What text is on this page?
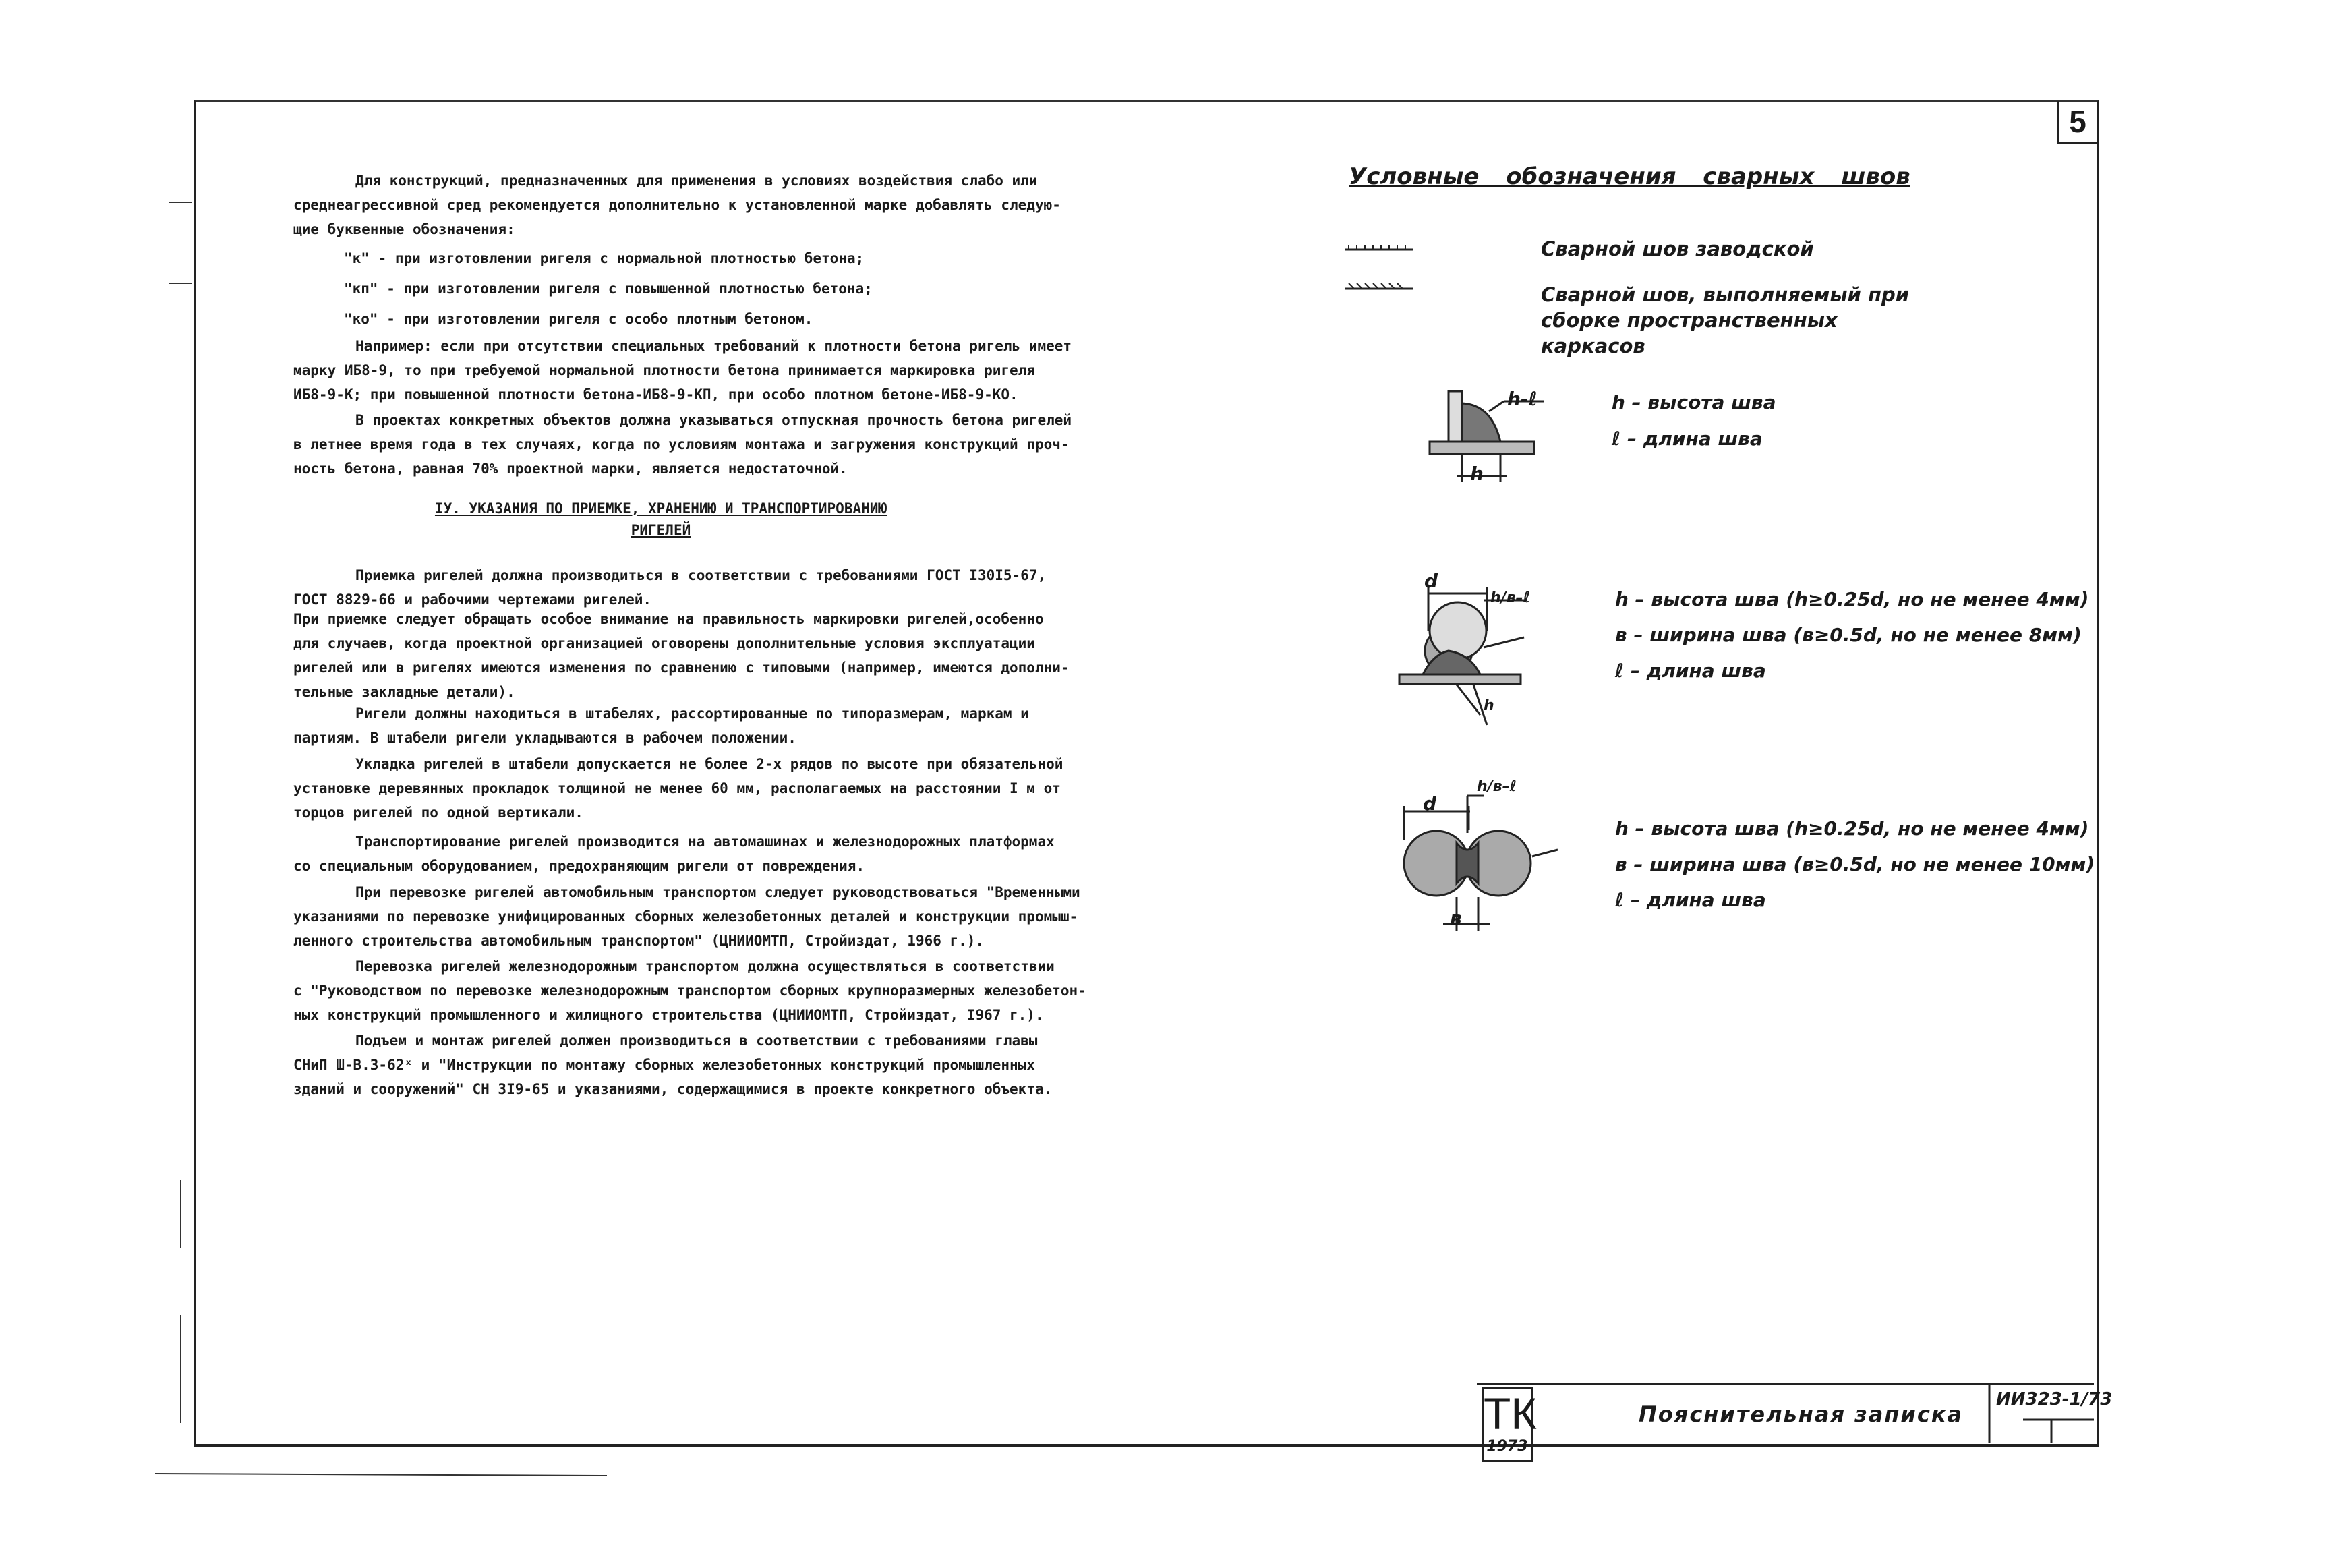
5
Для конструкций, предназначенных для применения в условиях воздействия слабо или
среднеагрессивной сред рекомендуется дополнительно к установленной марке добавлять следую-
щие буквенные обозначения:
"к" - при изготовлении ригеля с нормальной плотностью бетона;
"кп" - при изготовлении ригеля с повышенной плотностью бетона;
"ко" - при изготовлении ригеля с особо плотным бетоном.
Например: если при отсутствии специальных требований к плотности бетона ригель имеет
марку ИБ8-9, то при требуемой нормальной плотности бетона принимается маркировка ригеля
ИБ8-9-К; при повышенной плотности бетона-ИБ8-9-КП, при особо плотном бетоне-ИБ8-9-КО.
В проектах конкретных объектов должна указываться отпускная прочность бетона ригелей
в летнее время года в тех случаях, когда по условиям монтажа и загружения конструкций проч-
ность бетона, равная 70% проектной марки, является недостаточной.
IУ. УКАЗАНИЯ ПО ПРИЕМКЕ, ХРАНЕНИЮ И ТРАНСПОРТИРОВАНИЮ
РИГЕЛЕЙ
Приемка ригелей должна производиться в соответствии с требованиями ГОСТ I30I5-67,
ГОСТ 8829-66 и рабочими чертежами ригелей.
При приемке следует обращать особое внимание на правильность маркировки ригелей,особенно
для случаев, когда проектной организацией оговорены дополнительные условия эксплуатации
ригелей или в ригелях имеются изменения по сравнению с типовыми (например, имеются дополни-
тельные закладные детали).
Ригели должны находиться в штабелях, рассортированные по типоразмерам, маркам и
партиям. В штабели ригели укладываются в рабочем положении.
Укладка ригелей в штабели допускается не более 2-х рядов по высоте при обязательной
установке деревянных прокладок толщиной не менее 60 мм, располагаемых на расстоянии I м от
торцов ригелей по одной вертикали.
Транспортирование ригелей производится на автомашинах и железнодорожных платформах
со специальным оборудованием, предохраняющим ригели от повреждения.
При перевозке ригелей автомобильным транспортом следует руководствоваться "Временными
указаниями по перевозке унифицированных сборных железобетонных деталей и конструкции промыш-
ленного строительства автомобильным транспортом" (ЦНИИОМТП, Стройиздат, 1966 г.).
Перевозка ригелей железнодорожным транспортом должна осуществляться в соответствии
с "Руководством по перевозке железнодорожным транспортом сборных крупноразмерных железобетон-
ных конструкций промышленного и жилищного строительства (ЦНИИОМТП, Стройиздат, I967 г.).
Подъем и монтаж ригелей должен производиться в соответствии с требованиями главы
СНиП Ш-В.3-62ˣ и "Инструкции по монтажу сборных железобетонных конструкций промышленных
зданий и сооружений" СН 3I9-65 и указаниями, содержащимися в проекте конкретного объекта.
Условные обозначения сварных швов
Сварной шов заводской
Сварной шов, выполняемый при сборке пространственных каркасов
h-ℓ
h
h – высота шва
ℓ – длина шва
d
h/в–ℓ
h
h – высота шва (h≥0.25d, но не менее 4мм)
в – ширина шва (в≥0.5d, но не менее 8мм)
ℓ – длина шва
d
h/в–ℓ
в
h – высота шва (h≥0.25d, но не менее 4мм)
в – ширина шва (в≥0.5d, но не менее 10мм)
ℓ – длина шва
ТК
1973
Пояснительная записка
ИИ323-1/73
